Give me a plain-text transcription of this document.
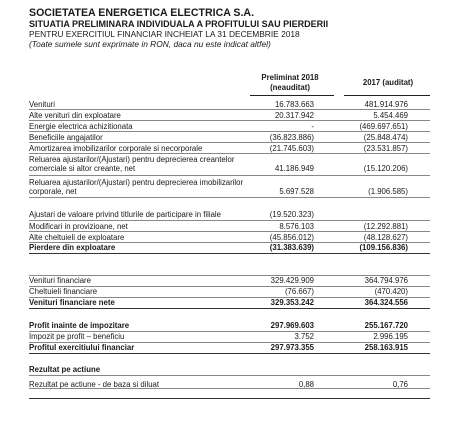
SOCIETATEA ENERGETICA ELECTRICA S.A.
SITUATIA PRELIMINARA INDIVIDUALA A PROFITULUI SAU PIERDERII
PENTRU EXERCITIUL FINANCIAR INCHEIAT LA 31 DECEMBRIE 2018
(Toate sumele sunt exprimate in RON, daca nu este indicat altfel)
Preliminat 2018
(neauditat)
2017 (auditat)
Venituri	16.783.663	481.914.976
Alte venituri din exploatare	20.317.942	5.454.469
Energie electrica achizitionata	-	(469.697.651)
Beneficiile angajatilor	(36.823.886)	(25.848.474)
Amortizarea imobilizarilor corporale si necorporale	(21.745.603)	(23.531.857)
Reluarea ajustarilor/(Ajustari) pentru deprecierea creantelor comerciale si altor creante, net	41.186.949	(15.120.206)
Reluarea ajustarilor/(Ajustari) pentru deprecierea imobilizarilor corporale, net	5.697.528	(1.906.585)
Ajustari de valoare privind titlurile de participare in filiale	(19.520.323)
Modificari in provizioane, net	8.576.103	(12.292.881)
Alte cheltuieli de exploatare	(45.856.012)	(48.128.627)
Pierdere din exploatare	(31.383.639)	(109.156.836)
Venituri financiare	329.429.909	364.794.976
Cheltuieli financiare	(76.667)	(470.420)
Venituri financiare nete	329.353.242	364.324.556
Profit inainte de impozitare	297.969.603	255.167.720
Impozit pe profit – beneficiu	3.752	2.996.195
Profitul exercitiului financiar	297.973.355	258.163.915
Rezultat pe actiune
Rezultat pe actiune - de baza si diluat	0,88	0,76
